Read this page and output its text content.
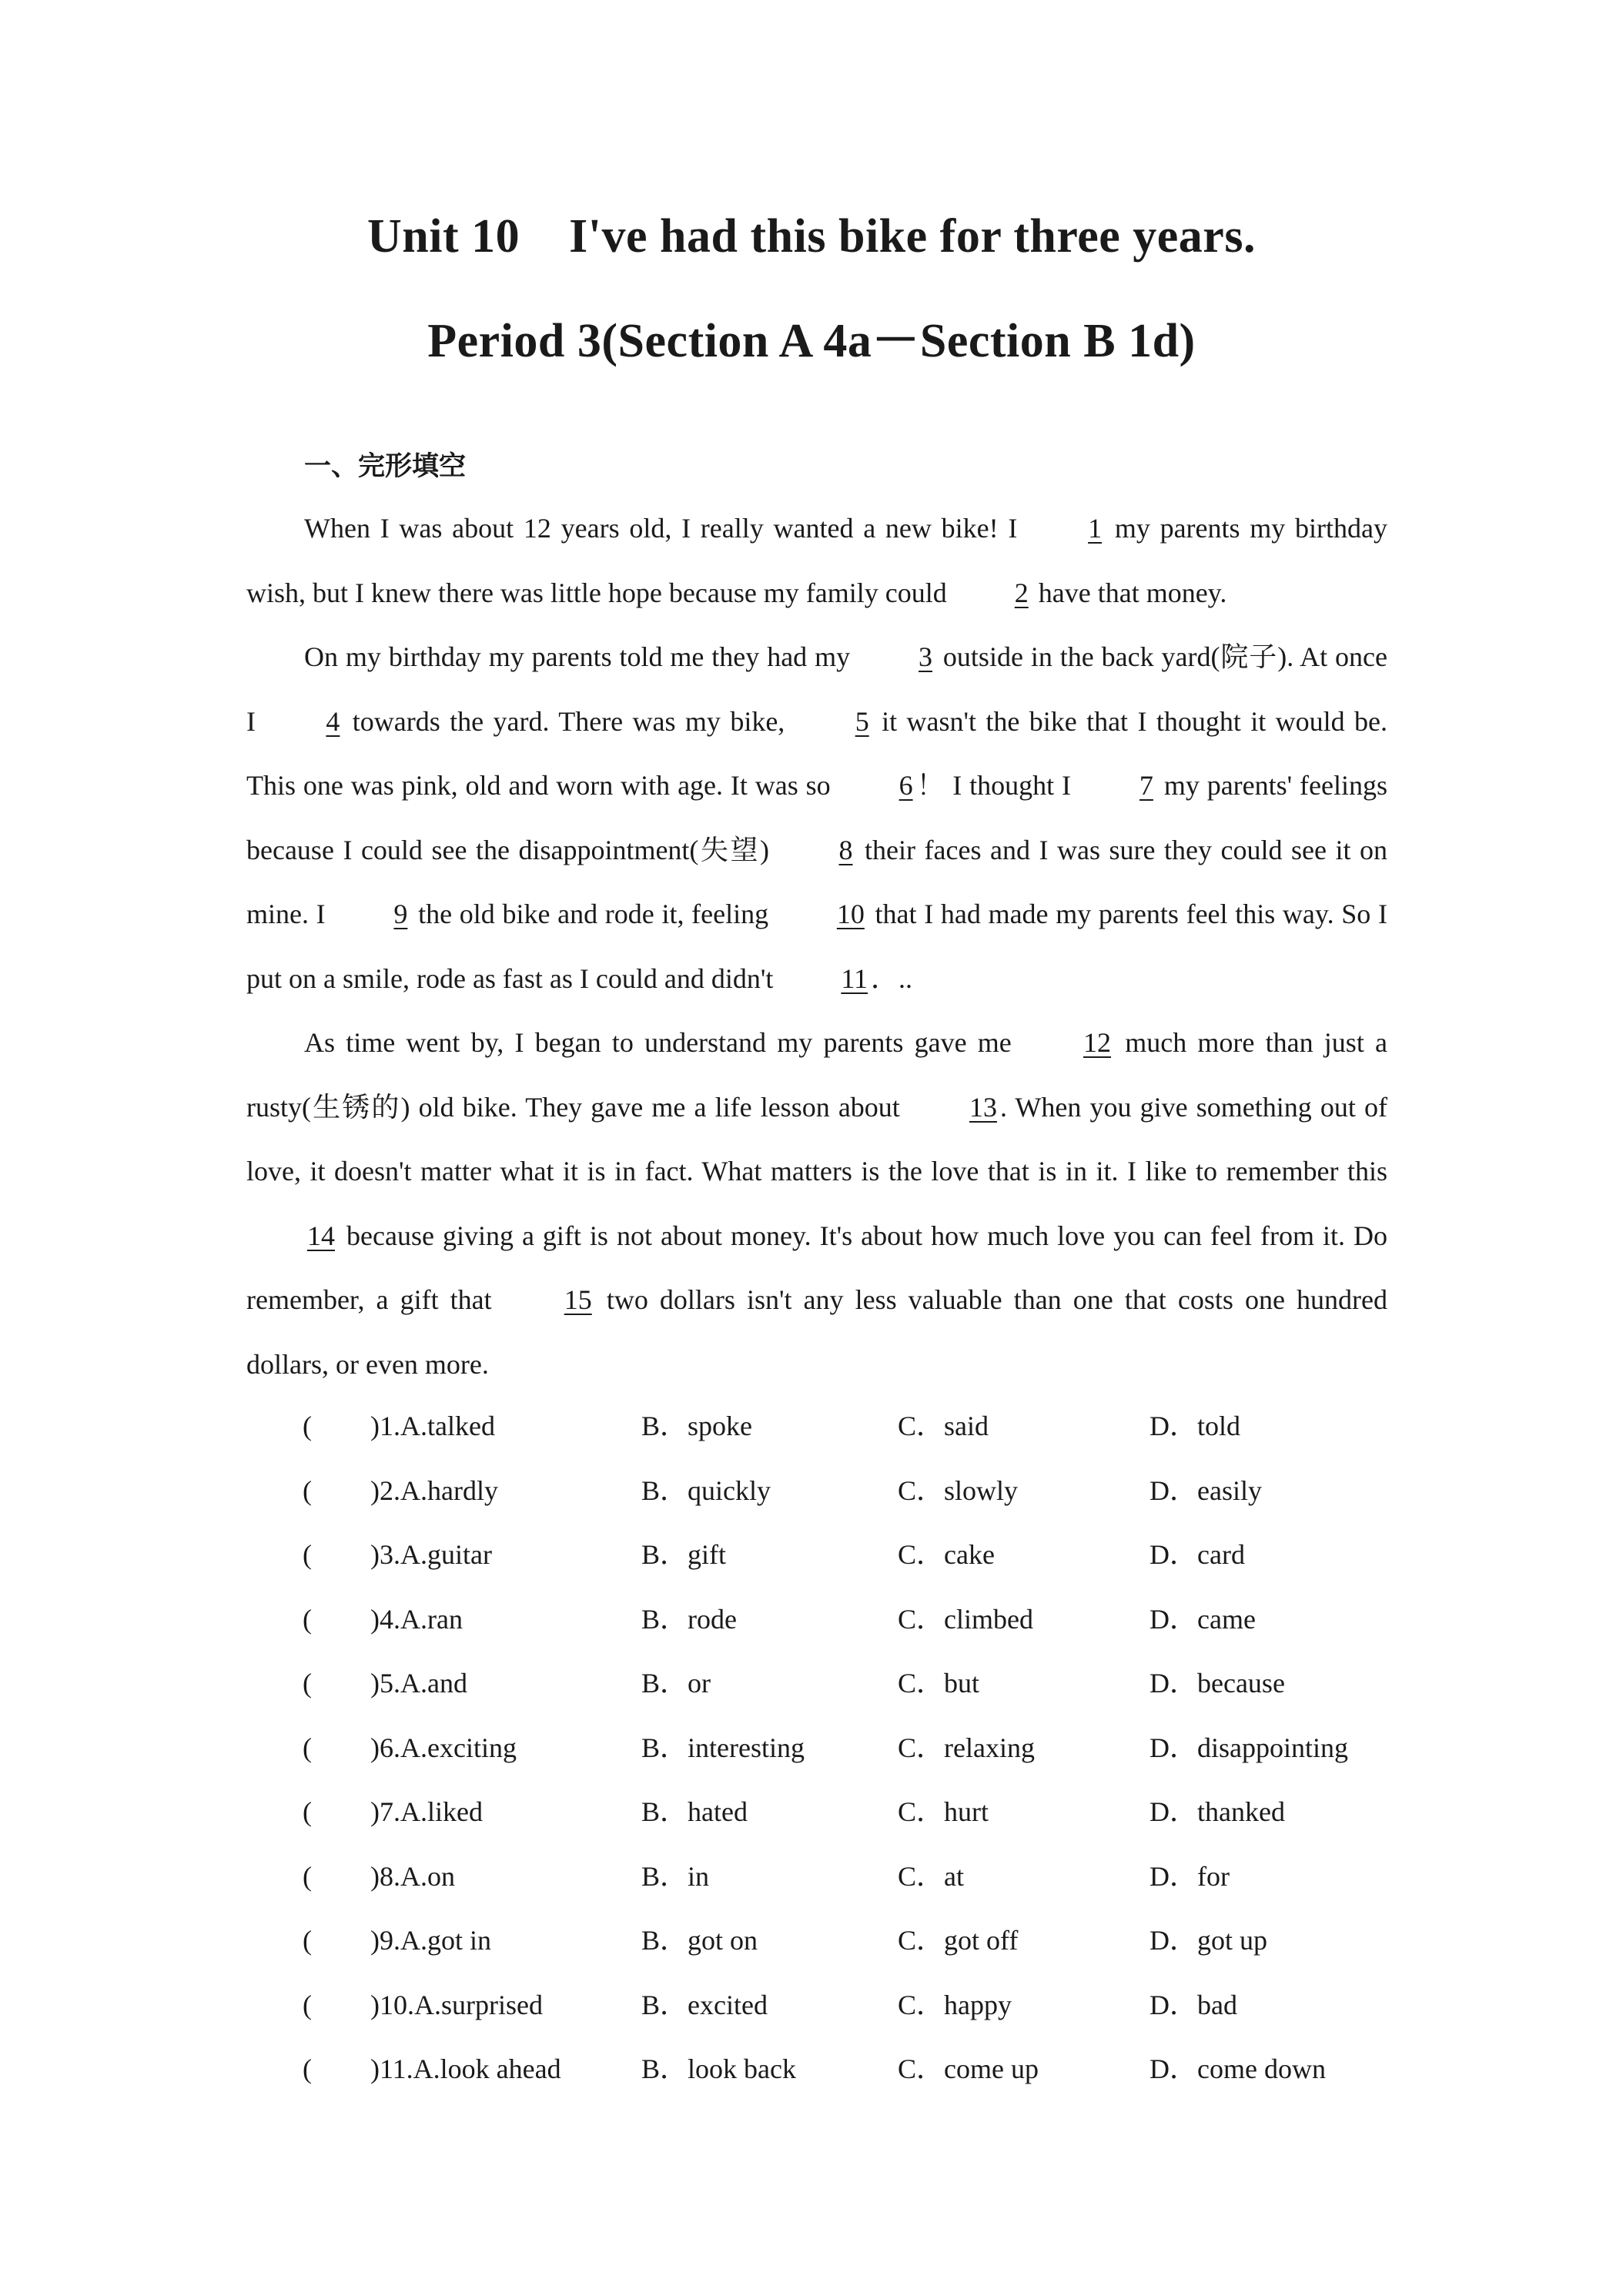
Unit 10    I've had this bike for three years.
Period 3(Section A 4a－Section B 1d)
一、完形填空

When I was about 12 years old, I really wanted a new bike! I 1 my parents my birthday wish, but I knew there was little hope because my family could 2 have that money.

On my birthday my parents told me they had my 3 outside in the back yard(院子). At once I 4 towards the yard. There was my bike, 5 it wasn't the bike that I thought it would be. This one was pink, old and worn with age. It was so 6 ！ I thought I 7 my parents' feelings because I could see the disappointment(失望) 8 their faces and I was sure they could see it on mine. I 9 the old bike and rode it, feeling 10 that I had made my parents feel this way. So I put on a smile, rode as fast as I could and didn't 11 ．..

As time went by, I began to understand my parents gave me 12 much more than just a rusty(生锈的) old bike. They gave me a life lesson about 13 . When you give something out of love, it doesn't matter what it is in fact. What matters is the love that is in it. I like to remember this 14 because giving a gift is not about money. It's about how much love you can feel from it. Do remember, a gift that 15 two dollars isn't any less valuable than one that costs one hundred dollars, or even more.

( )1.A.talked	B．spoke	C．said	D．told
( )2.A.hardly	B．quickly	C．slowly	D．easily
( )3.A.guitar	B．gift	C．cake	D．card
( )4.A.ran	B．rode	C．climbed	D．came
( )5.A.and	B．or	C．but	D．because
( )6.A.exciting	B．interesting	C．relaxing	D．disappointing
( )7.A.liked	B．hated	C．hurt	D．thanked
( )8.A.on	B．in	C．at	D．for
( )9.A.got in	B．got on	C．got off	D．got up
( )10.A.surprised	B．excited	C．happy	D．bad
( )11.A.look ahead	B．look back	C．come up	D．come down
